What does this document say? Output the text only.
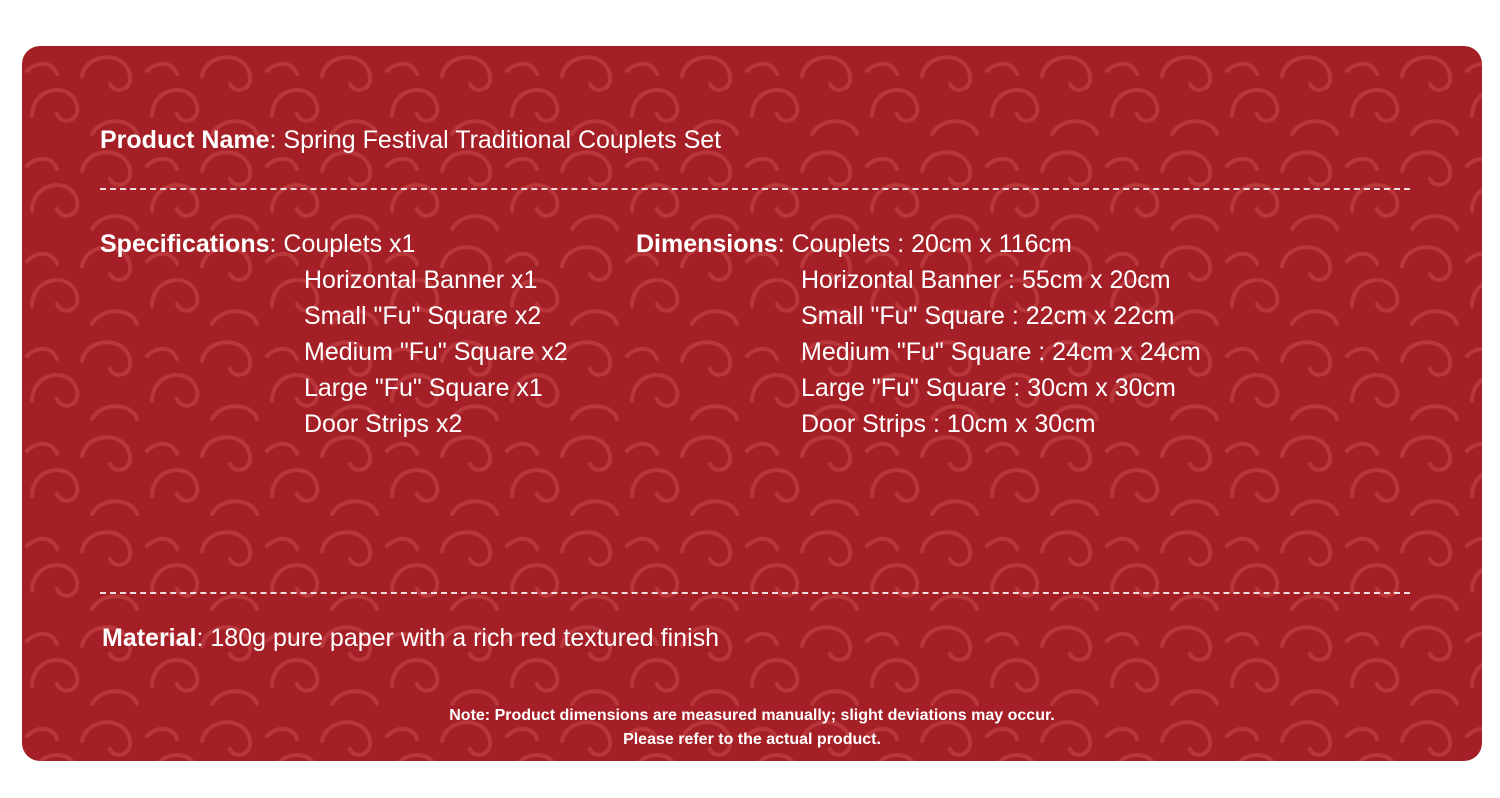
Product Name: Spring Festival Traditional Couplets Set
Specifications: Couplets x1
Horizontal Banner x1
Small "Fu" Square x2
Medium "Fu" Square x2
Large "Fu" Square x1
Door Strips x2
Dimensions: Couplets : 20cm x 116cm
Horizontal Banner : 55cm x 20cm
Small "Fu" Square : 22cm x 22cm
Medium "Fu" Square : 24cm x 24cm
Large "Fu" Square : 30cm x 30cm
Door Strips : 10cm x 30cm
Material: 180g pure paper with a rich red textured finish
Note: Product dimensions are measured manually; slight deviations may occur.
Please refer to the actual product.
